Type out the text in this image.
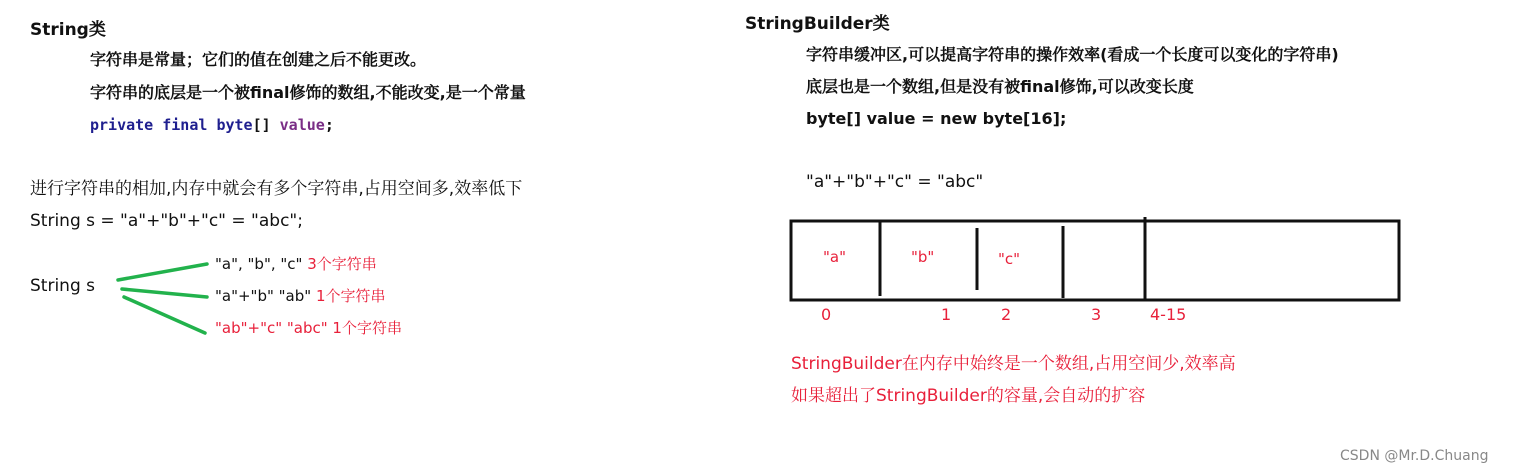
String类
字符串是常量；它们的值在创建之后不能更改。
字符串的底层是一个被final修饰的数组,不能改变,是一个常量
private final byte[] value;
进行字符串的相加,内存中就会有多个字符串,占用空间多,效率低下
String s = "a"+"b"+"c" = "abc";
String s
"a", "b", "c" 3个字符串
"a"+"b" "ab" 1个字符串
"ab"+"c" "abc" 1个字符串
StringBuilder类
字符串缓冲区,可以提高字符串的操作效率(看成一个长度可以变化的字符串)
底层也是一个数组,但是没有被final修饰,可以改变长度
byte[] value = new byte[16];
"a"+"b"+"c" = "abc"
"a"	"b"	"c"
0	1	2	3	4-15
StringBuilder在内存中始终是一个数组,占用空间少,效率高
如果超出了StringBuilder的容量,会自动的扩容
CSDN @Mr.D.Chuang
